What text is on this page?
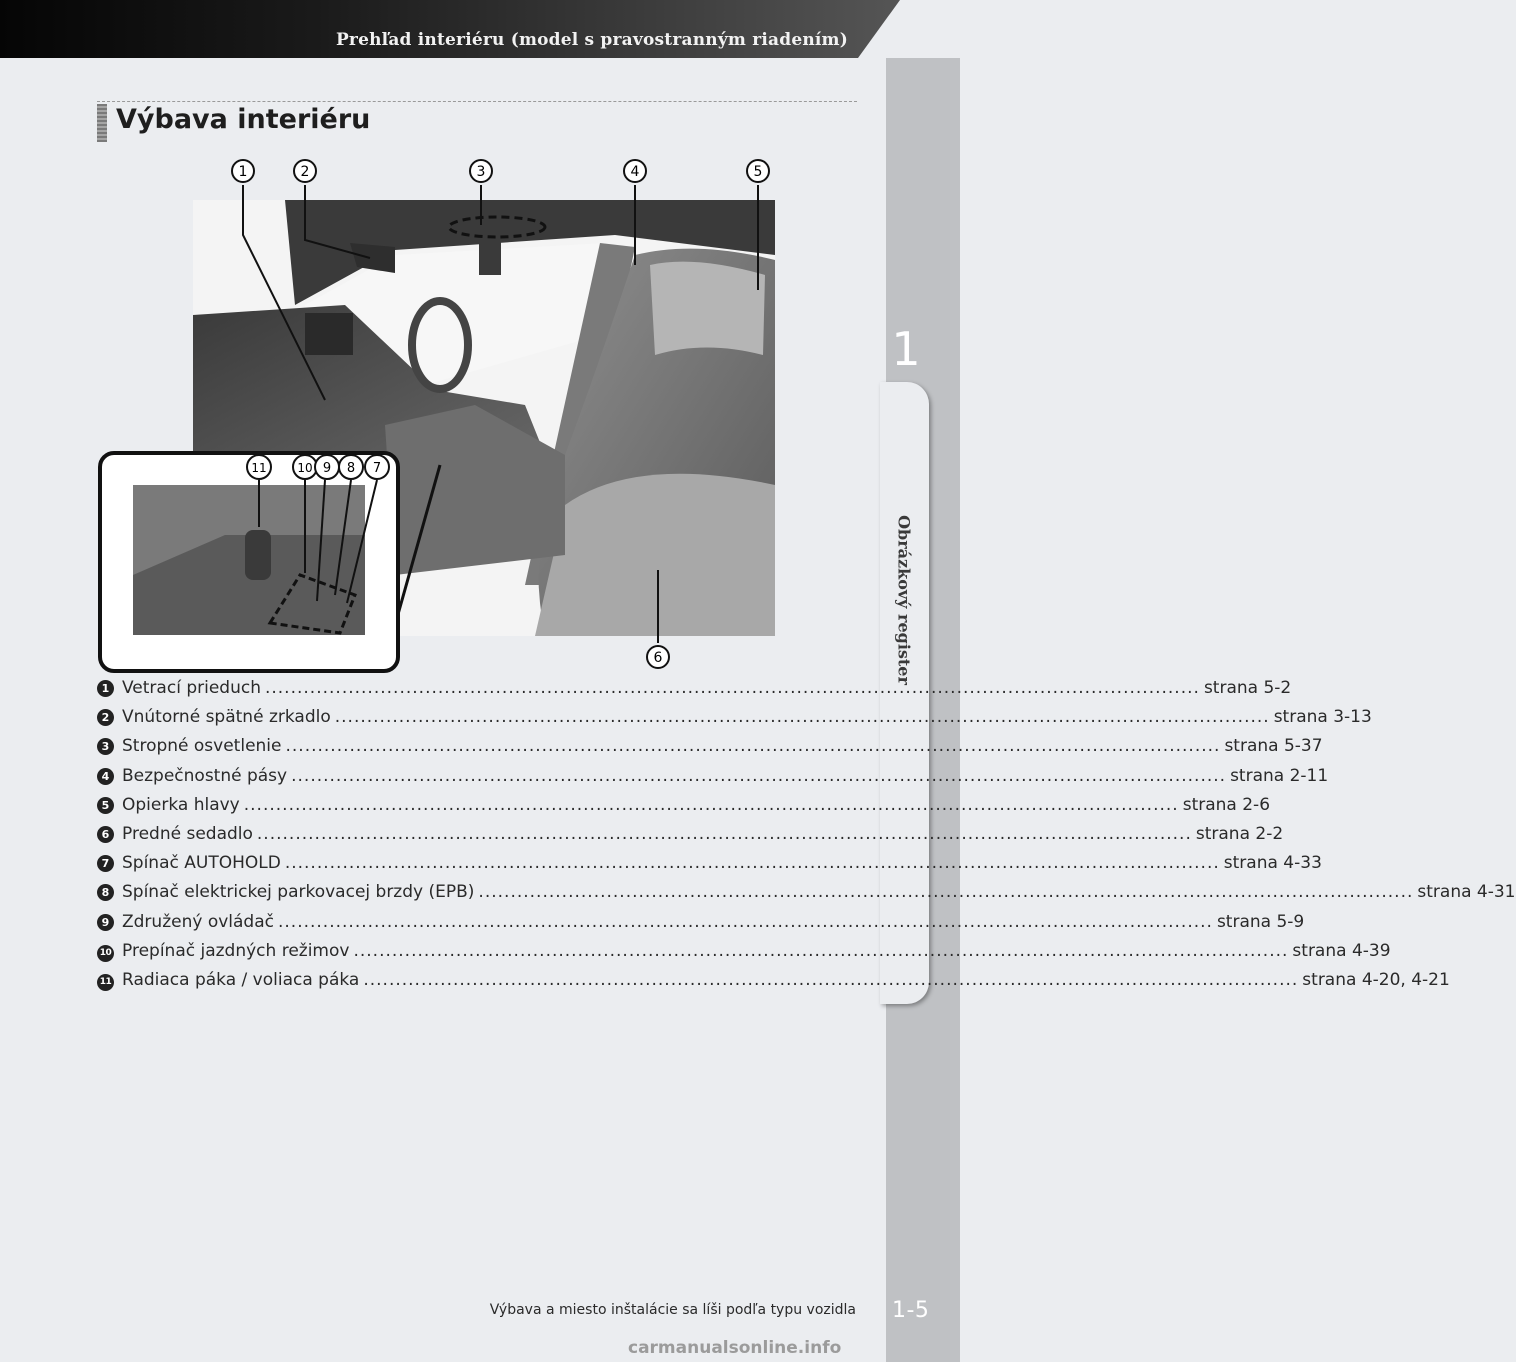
Prehľad interiéru (model s pravostranným riadením)
1
Obrázkový register
1-5
Výbava interiéru
1	2	3	4	5
6
11	10 9 8 7
1 Vetrací prieduch .................................................................................................................................................. strana 5-2
2 Vnútorné spätné zrkadlo .................................................................................................................................................. strana 3-13
3 Stropné osvetlenie .................................................................................................................................................. strana 5-37
4 Bezpečnostné pásy .................................................................................................................................................. strana 2-11
5 Opierka hlavy .................................................................................................................................................. strana 2-6
6 Predné sedadlo .................................................................................................................................................. strana 2-2
7 Spínač AUTOHOLD .................................................................................................................................................. strana 4-33
8 Spínač elektrickej parkovacej brzdy (EPB) .................................................................................................................................................. strana 4-31
9 Združený ovládač .................................................................................................................................................. strana 5-9
10 Prepínač jazdných režimov .................................................................................................................................................. strana 4-39
11 Radiaca páka / voliaca páka .................................................................................................................................................. strana 4-20, 4-21
Výbava a miesto inštalácie sa líši podľa typu vozidla
carmanualsonline.info
